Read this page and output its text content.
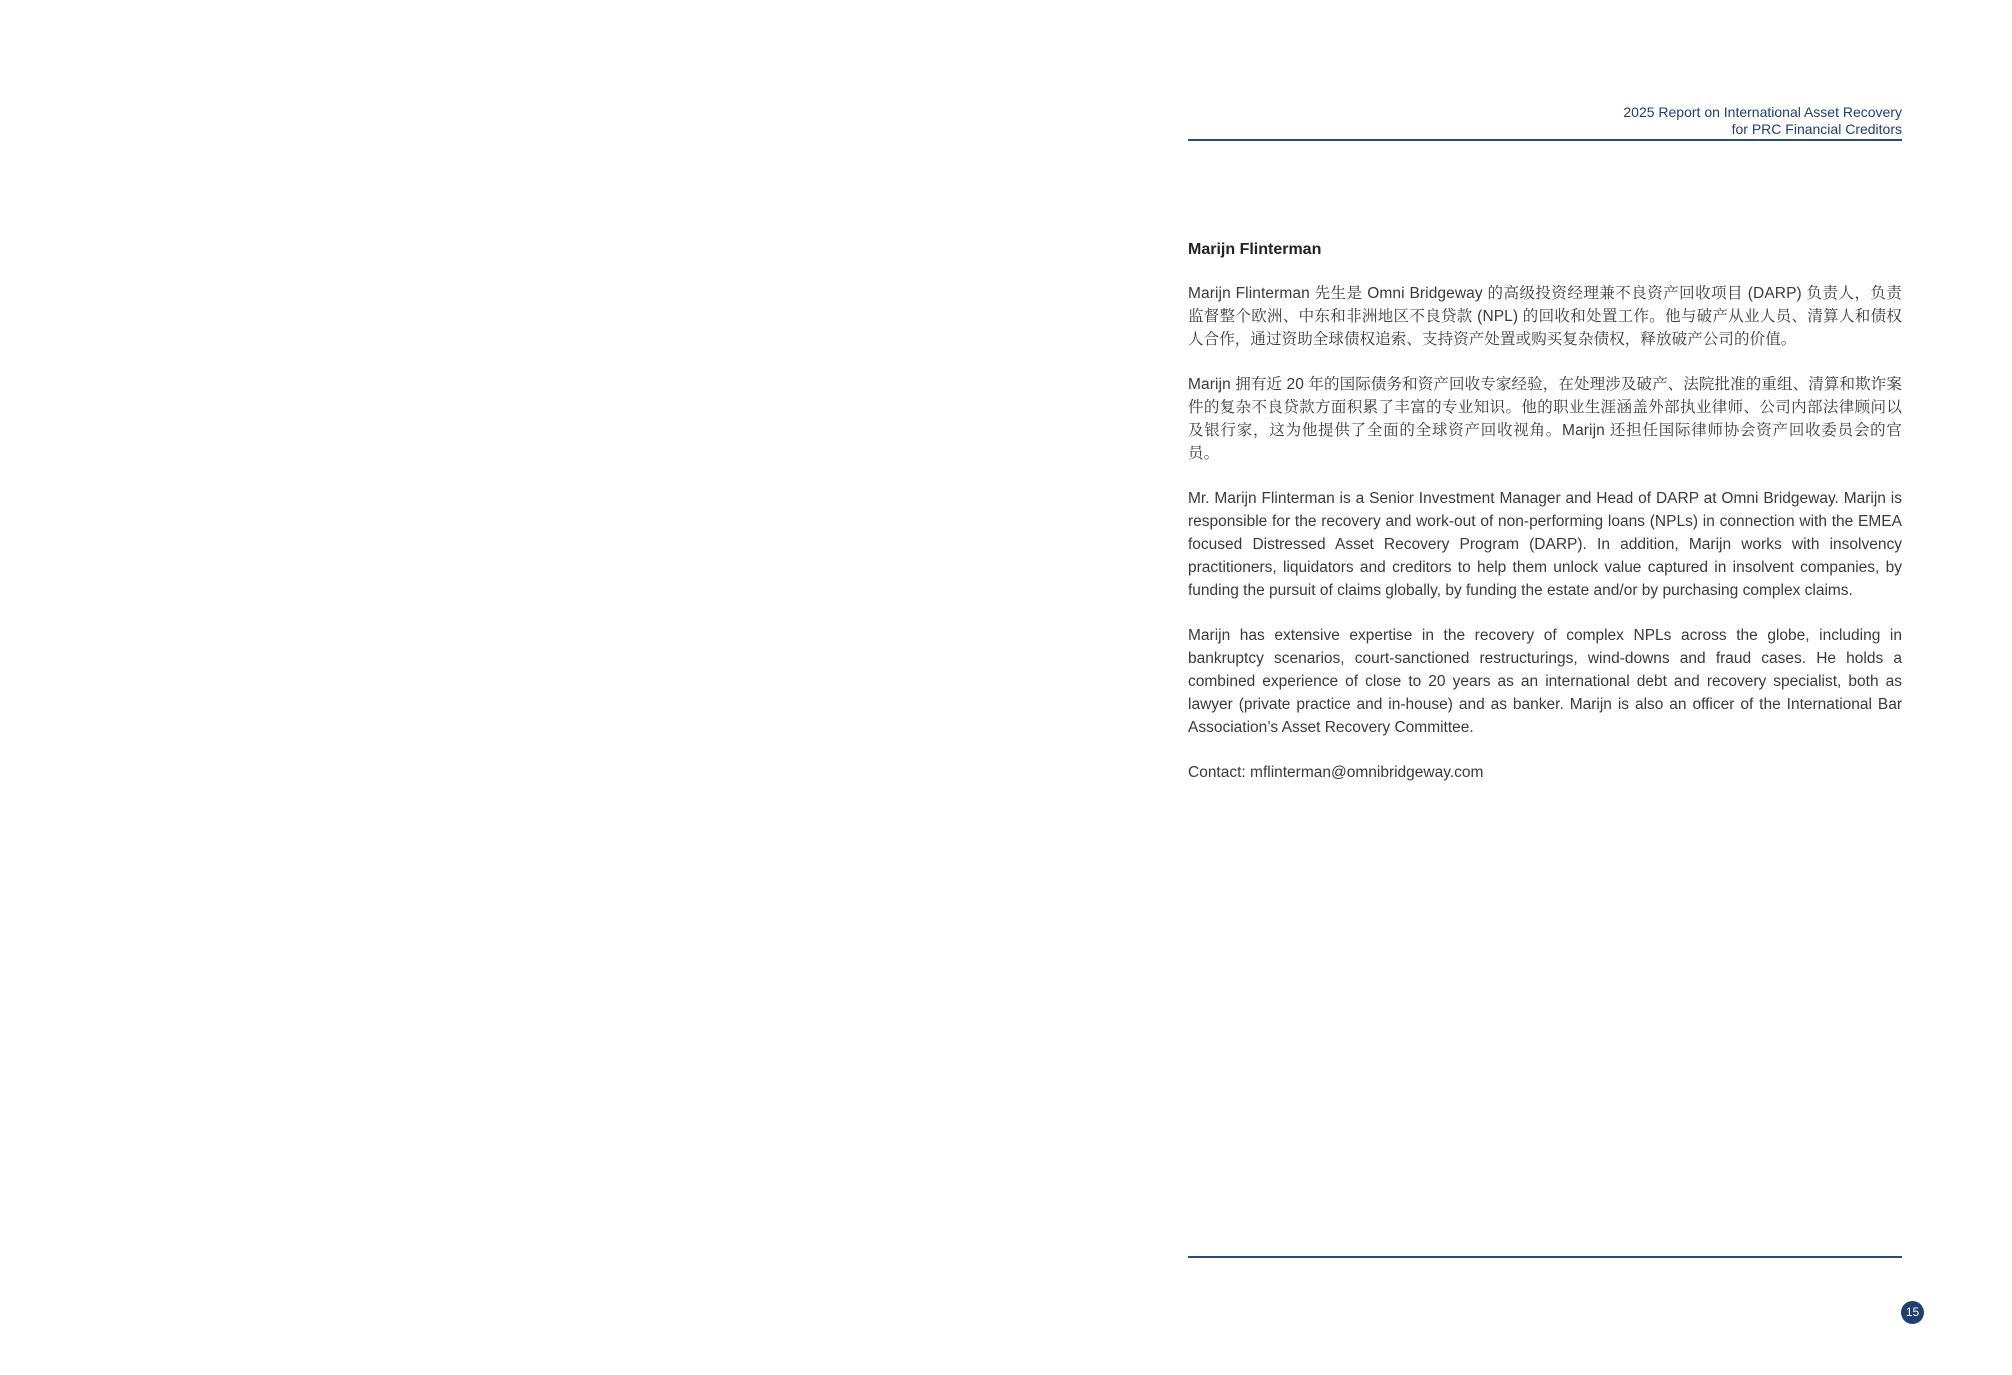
2025 Report on International Asset Recovery
for PRC Financial Creditors

Marijn Flinterman

Marijn Flinterman 先生是 Omni Bridgeway 的高级投资经理兼不良资产回收项目 (DARP) 负责人，负责监督整个欧洲、中东和非洲地区不良贷款 (NPL) 的回收和处置工作。他与破产从业人员、清算人和债权人合作，通过资助全球债权追索、支持资产处置或购买复杂债权，释放破产公司的价值。

Marijn 拥有近 20 年的国际债务和资产回收专家经验，在处理涉及破产、法院批准的重组、清算和欺诈案件的复杂不良贷款方面积累了丰富的专业知识。他的职业生涯涵盖外部执业律师、公司内部法律顾问以及银行家，这为他提供了全面的全球资产回收视角。Marijn 还担任国际律师协会资产回收委员会的官员。

Mr. Marijn Flinterman is a Senior Investment Manager and Head of DARP at Omni Bridgeway. Marijn is responsible for the recovery and work-out of non-performing loans (NPLs) in connection with the EMEA focused Distressed Asset Recovery Program (DARP). In addition, Marijn works with insolvency practitioners, liquidators and creditors to help them unlock value captured in insolvent companies, by funding the pursuit of claims globally, by funding the estate and/or by purchasing complex claims.

Marijn has extensive expertise in the recovery of complex NPLs across the globe, including in bankruptcy scenarios, court-sanctioned restructurings, wind-downs and fraud cases. He holds a combined experience of close to 20 years as an international debt and recovery specialist, both as lawyer (private practice and in-house) and as banker. Marijn is also an officer of the International Bar Association’s Asset Recovery Committee.

Contact: mflinterman@omnibridgeway.com

15
